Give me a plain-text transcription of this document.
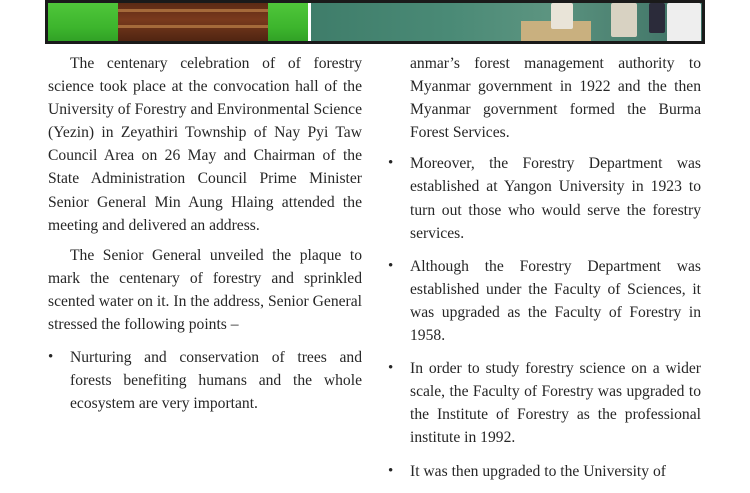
The centenary celebration of of forestry science took place at the convocation hall of the University of Forestry and Environmental Science (Yezin) in Zeyathiri Township of Nay Pyi Taw Council Area on 26 May and Chairman of the State Administration Council Prime Minister Senior General Min Aung Hlaing attended the meeting and delivered an address.

The Senior General unveiled the plaque to mark the centenary of forestry and sprinkled scented water on it. In the address, Senior General stressed the following points –

• Nurturing and conservation of trees and forests benefiting humans and the whole ecosystem are very important.

anmar’s forest management authority to Myanmar government in 1922 and the then Myanmar government formed the Burma Forest Services.

• Moreover, the Forestry Department was established at Yangon University in 1923 to turn out those who would serve the forestry services.
• Although the Forestry Department was established under the Faculty of Sciences, it was upgraded as the Faculty of Forestry in 1958.
• In order to study forestry science on a wider scale, the Faculty of Forestry was upgraded to the Institute of Forestry as the professional institute in 1992.
• It was then upgraded to the University of
